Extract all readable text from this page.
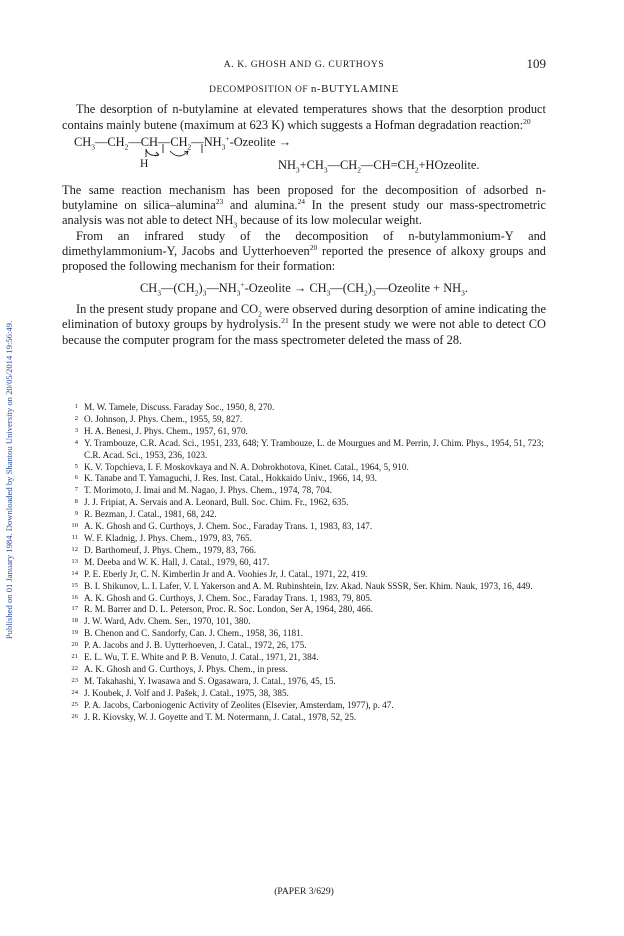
Published on 01 January 1984. Downloaded by Shantou University on 20/05/2014 19:56:49.
A. K. GHOSH AND G. CURTHOYS	109
DECOMPOSITION OF n-BUTYLAMINE

The desorption of n-butylamine at elevated temperatures shows that the desorption product contains mainly butene (maximum at 623 K) which suggests a Hofman degradation reaction:$^{20}$

$CH_3—CH_2—CH—CH_2—NH_3^+$-Ozeolite →
H	$NH_3+CH_3—CH_2—CH=CH_2+HOzeolite$.

The same reaction mechanism has been proposed for the decomposition of adsorbed n-butylamine on silica–alumina$^{23}$ and alumina.$^{24}$ In the present study our mass-spectrometric analysis was not able to detect $NH_3$ because of its low molecular weight.

From an infrared study of the decomposition of n-butylammonium-Y and dimethylammonium-Y, Jacobs and Uytterhoeven$^{20}$ reported the presence of alkoxy groups and proposed the following mechanism for their formation:

$CH_3—(CH_2)_3—NH_3^+$-Ozeolite → $CH_3—(CH_2)_3—Ozeolite + NH_3$.

In the present study propane and $CO_2$ were observed during desorption of amine indicating the elimination of butoxy groups by hydrolysis.$^{21}$ In the present study we were not able to detect CO because the computer program for the mass spectrometer deleted the mass of 28.

1 M. W. Tamele, Discuss. Faraday Soc., 1950, 8, 270.
2 O. Johnson, J. Phys. Chem., 1955, 59, 827.
3 H. A. Benesi, J. Phys. Chem., 1957, 61, 970.
4 Y. Trambouze, C.R. Acad. Sci., 1951, 233, 648; Y. Trambouze, L. de Mourgues and M. Perrin, J. Chim. Phys., 1954, 51, 723; C.R. Acad. Sci., 1953, 236, 1023.
5 K. V. Topchieva, I. F. Moskovkaya and N. A. Dobrokhotova, Kinet. Catal., 1964, 5, 910.
6 K. Tanabe and T. Yamaguchi, J. Res. Inst. Catal., Hokkaido Univ., 1966, 14, 93.
7 T. Morimoto, J. Imai and M. Nagao, J. Phys. Chem., 1974, 78, 704.
8 J. J. Fripiat, A. Servais and A. Leonard, Bull. Soc. Chim. Fr., 1962, 635.
9 R. Bezman, J. Catal., 1981, 68, 242.
10 A. K. Ghosh and G. Curthoys, J. Chem. Soc., Faraday Trans. 1, 1983, 83, 147.
11 W. F. Kladnig, J. Phys. Chem., 1979, 83, 765.
12 D. Barthomeuf, J. Phys. Chem., 1979, 83, 766.
13 M. Deeba and W. K. Hall, J. Catal., 1979, 60, 417.
14 P. E. Eberly Jr, C. N. Kimberlin Jr and A. Voohies Jr, J. Catal., 1971, 22, 419.
15 B. I. Shikunov, L. I. Lafer, V. I. Yakerson and A. M. Rubinshtein, Izv. Akad. Nauk SSSR, Ser. Khim. Nauk, 1973, 16, 449.
16 A. K. Ghosh and G. Curthoys, J. Chem. Soc., Faraday Trans. 1, 1983, 79, 805.
17 R. M. Barrer and D. L. Peterson, Proc. R. Soc. London, Ser A, 1964, 280, 466.
18 J. W. Ward, Adv. Chem. Ser., 1970, 101, 380.
19 B. Chenon and C. Sandorfy, Can. J. Chem., 1958, 36, 1181.
20 P. A. Jacobs and J. B. Uytterhoeven, J. Catal., 1972, 26, 175.
21 E. L. Wu, T. E. White and P. B. Venuto, J. Catal., 1971, 21, 384.
22 A. K. Ghosh and G. Curthoys, J. Phys. Chem., in press.
23 M. Takahashi, Y. Iwasawa and S. Ogasawara, J. Catal., 1976, 45, 15.
24 J. Koubek, J. Volf and J. Pašek, J. Catal., 1975, 38, 385.
25 P. A. Jacobs, Carboniogenic Activity of Zeolites (Elsevier, Amsterdam, 1977), p. 47.
26 J. R. Kiovsky, W. J. Goyette and T. M. Notermann, J. Catal., 1978, 52, 25.
(PAPER 3/629)
